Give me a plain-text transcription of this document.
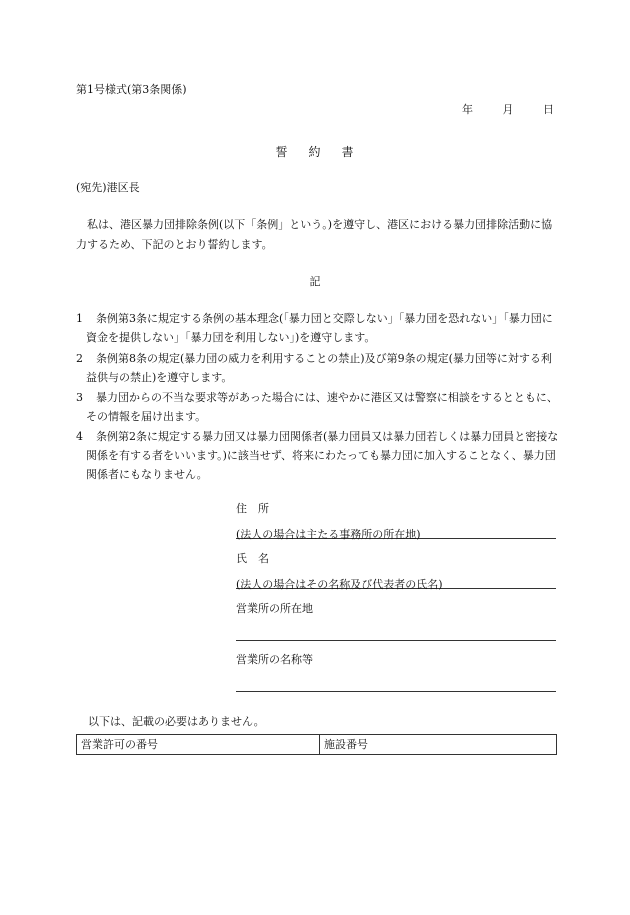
第1号様式(第3条関係)
年	月	日
誓 約 書
(宛先)港区長
私は、港区暴力団排除条例(以下「条例」という。)を遵守し、港区における暴力団排除活動に協力するため、下記のとおり誓約します。
記
1	条例第3条に規定する条例の基本理念(「暴力団と交際しない」「暴力団を恐れない」「暴力団に資金を提供しない」「暴力団を利用しない」)を遵守します。
2	条例第8条の規定(暴力団の威力を利用することの禁止)及び第9条の規定(暴力団等に対する利益供与の禁止)を遵守します。
3	暴力団からの不当な要求等があった場合には、速やかに港区又は警察に相談をするとともに、その情報を届け出ます。
4	条例第2条に規定する暴力団又は暴力団関係者(暴力団員又は暴力団若しくは暴力団員と密接な関係を有する者をいいます。)に該当せず、将来にわたっても暴力団に加入することなく、暴力団関係者にもなりません。
住　所
(法人の場合は主たる事務所の所在地)
氏　名
(法人の場合はその名称及び代表者の氏名)
営業所の所在地
営業所の名称等
以下は、記載の必要はありません。
営業許可の番号	施設番号
